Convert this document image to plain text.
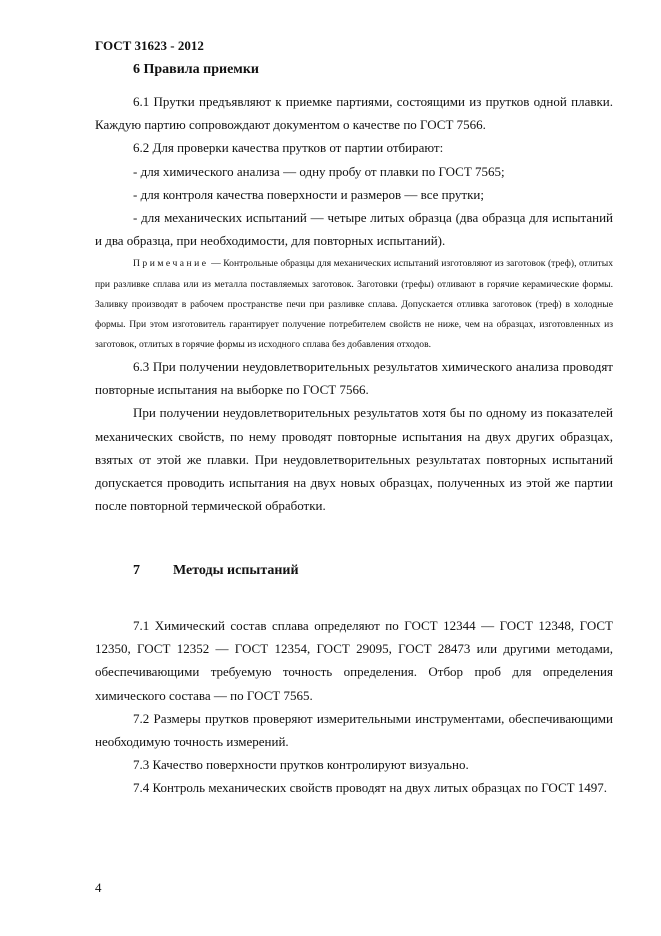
ГОСТ 31623 - 2012
6 Правила приемки

6.1 Прутки предъявляют к приемке партиями, состоящими из прутков одной плавки. Каждую партию сопровождают документом о качестве по ГОСТ 7566.

6.2 Для проверки качества прутков от партии отбирают:

- для химического анализа — одну пробу от плавки по ГОСТ 7565;

- для контроля качества поверхности и размеров — все прутки;

- для механических испытаний — четыре литых образца (два образца для испытаний и два образца, при необходимости, для повторных испытаний).

Примечание — Контрольные образцы для механических испытаний изготовляют из заготовок (треф), отлитых при разливке сплава или из металла поставляемых заготовок. Заготовки (трефы) отливают в горячие керамические формы. Заливку производят в рабочем пространстве печи при разливке сплава. Допускается отливка заготовок (треф) в холодные формы. При этом изготовитель гарантирует получение потребителем свойств не ниже, чем на образцах, изготовленных из заготовок, отлитых в горячие формы из исходного сплава без добавления отходов.

6.3 При получении неудовлетворительных результатов химического анализа проводят повторные испытания на выборке по ГОСТ 7566.

При получении неудовлетворительных результатов хотя бы по одному из показателей механических свойств, по нему проводят повторные испытания на двух других образцах, взятых от этой же плавки. При неудовлетворительных результатах повторных испытаний допускается проводить испытания на двух новых образцах, полученных из этой же партии после повторной термической обработки.

7 Методы испытаний

7.1 Химический состав сплава определяют по ГОСТ 12344 — ГОСТ 12348, ГОСТ 12350, ГОСТ 12352 — ГОСТ 12354, ГОСТ 29095, ГОСТ 28473 или другими методами, обеспечивающими требуемую точность определения. Отбор проб для определения химического состава — по ГОСТ 7565.

7.2 Размеры прутков проверяют измерительными инструментами, обеспечивающими необходимую точность измерений.

7.3 Качество поверхности прутков контролируют визуально.

7.4 Контроль механических свойств проводят на двух литых образцах по ГОСТ 1497.

4
